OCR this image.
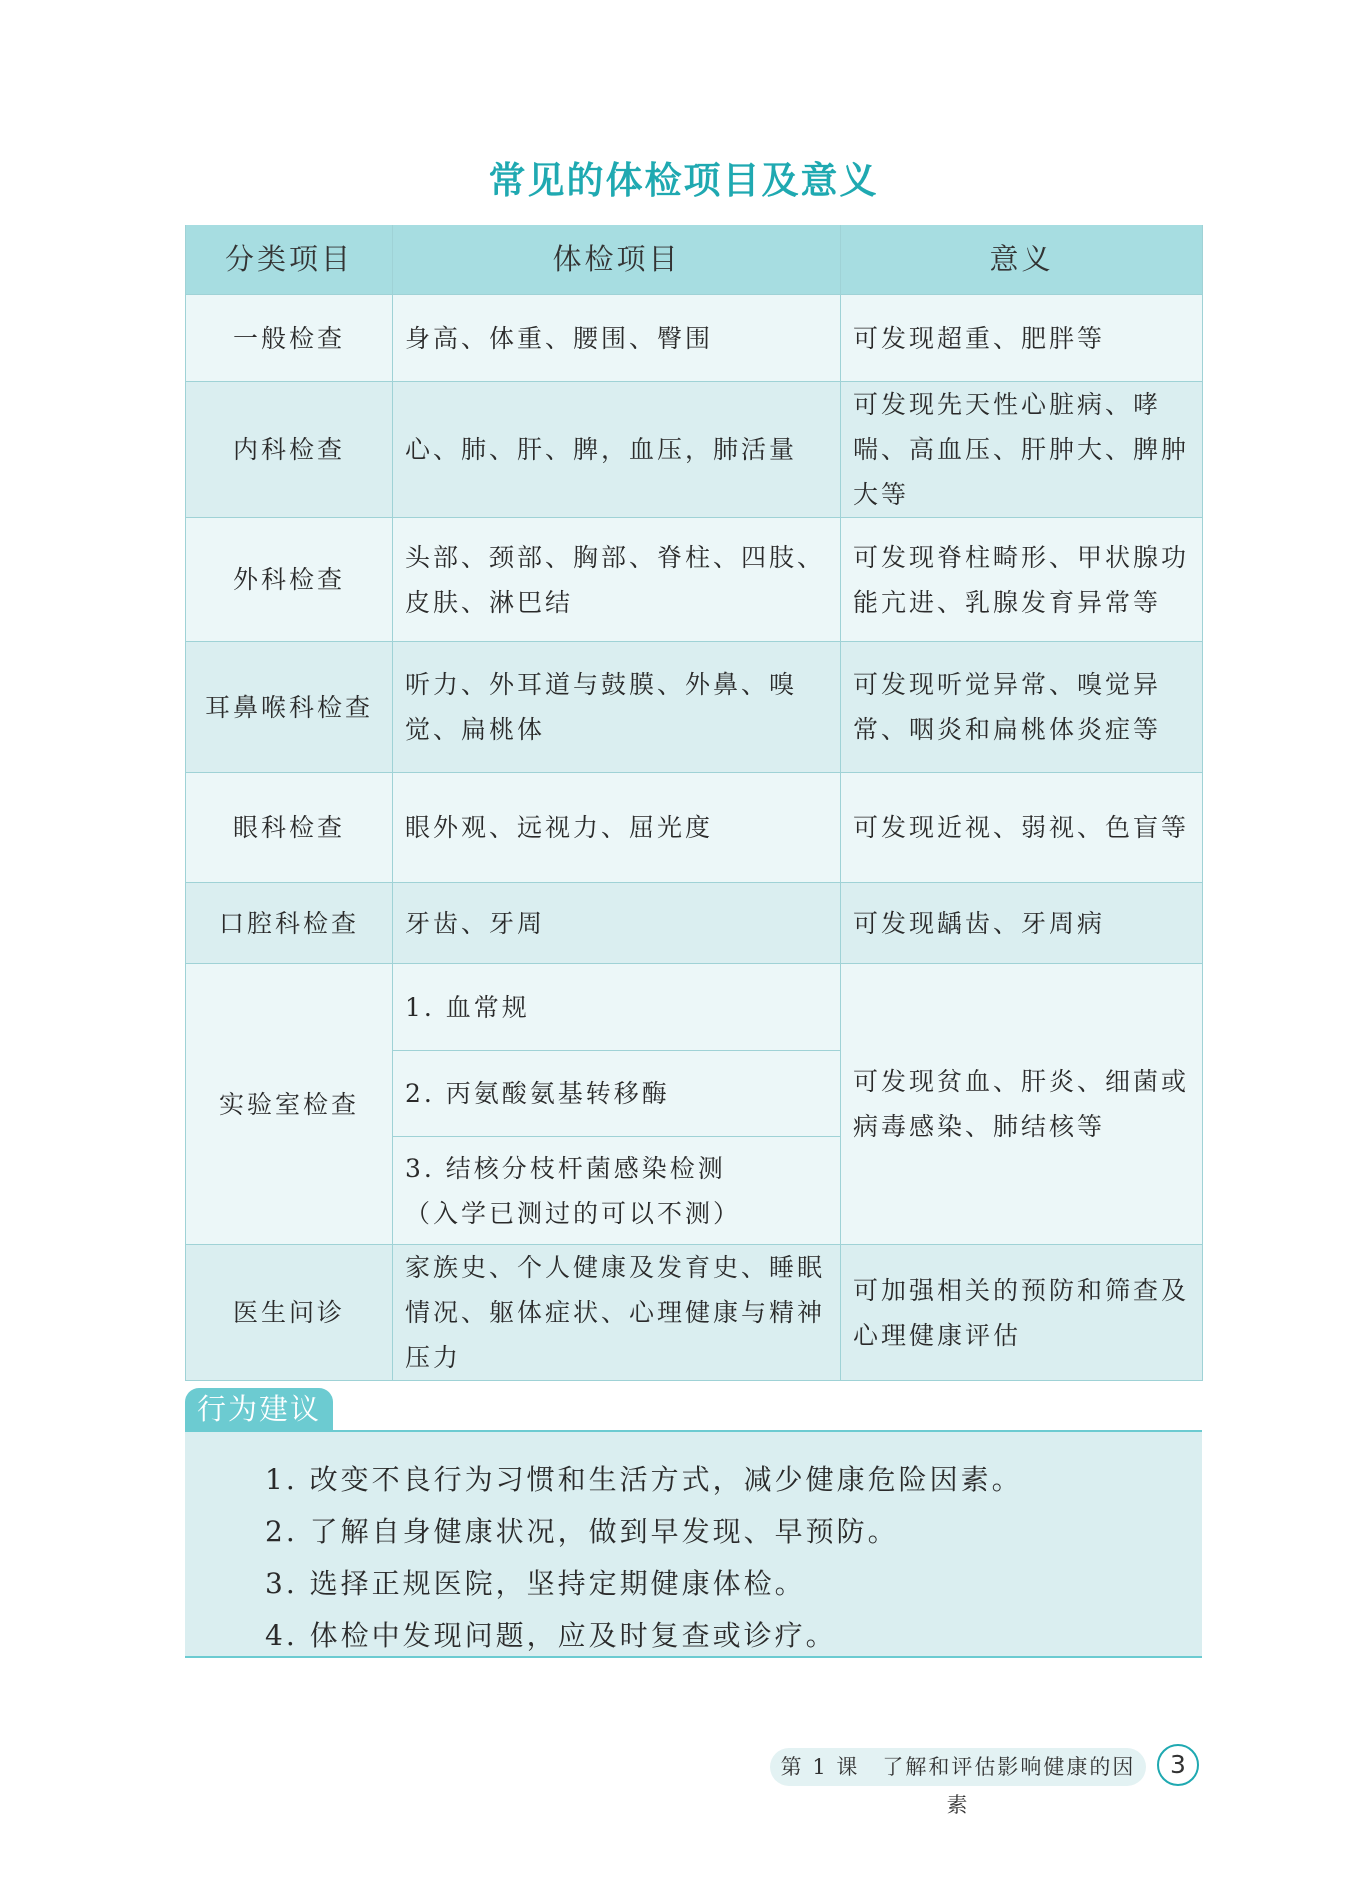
常见的体检项目及意义
分类项目	体检项目	意义
一般检查	身高、体重、腰围、臀围	可发现超重、肥胖等
内科检查	心、肺、肝、脾，血压，肺活量	可发现先天性心脏病、哮喘、高血压、肝肿大、脾肿大等
外科检查	头部、颈部、胸部、脊柱、四肢、皮肤、淋巴结	可发现脊柱畸形、甲状腺功能亢进、乳腺发育异常等
耳鼻喉科检查	听力、外耳道与鼓膜、外鼻、嗅觉、扁桃体	可发现听觉异常、嗅觉异常、咽炎和扁桃体炎症等
眼科检查	眼外观、远视力、屈光度	可发现近视、弱视、色盲等
口腔科检查	牙齿、牙周	可发现龋齿、牙周病
实验室检查	1. 血常规	可发现贫血、肝炎、细菌或病毒感染、肺结核等
	2. 丙氨酸氨基转移酶	

	3. 结核分枝杆菌感染检测
（入学已测过的可以不测）	

医生问诊	家族史、个人健康及发育史、睡眠情况、躯体症状、心理健康与精神压力	可加强相关的预防和筛查及心理健康评估
行为建议
1. 改变不良行为习惯和生活方式，减少健康危险因素。
2. 了解自身健康状况，做到早发现、早预防。
3. 选择正规医院，坚持定期健康体检。
4. 体检中发现问题，应及时复查或诊疗。
第 1 课　了解和评估影响健康的因素
3
